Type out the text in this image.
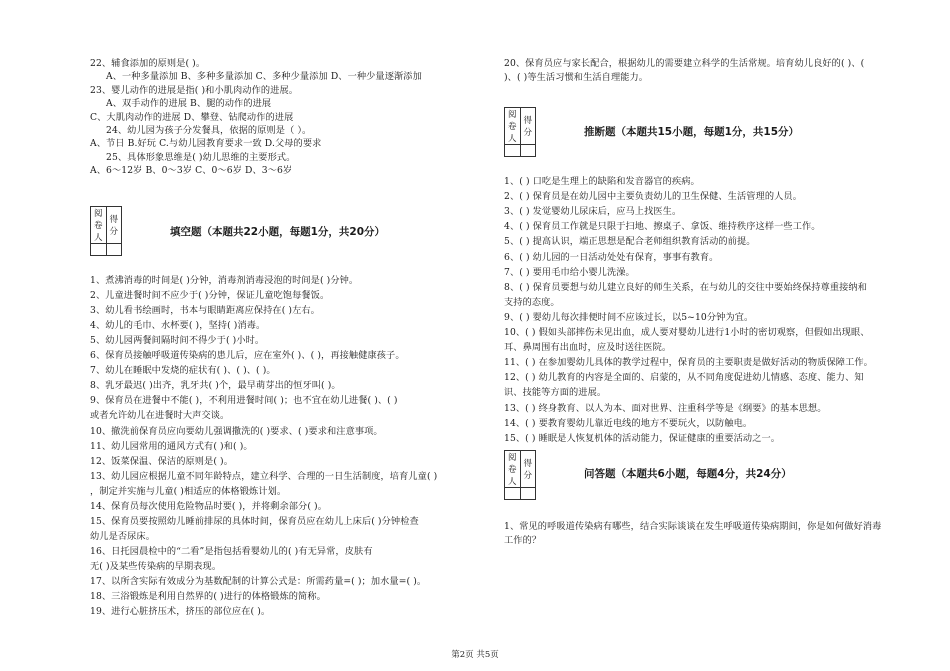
22、辅食添加的原则是( )。
A、一种多量添加 B、多种多量添加 C、多种少量添加 D、一种少量逐渐添加
23、婴儿动作的进展是指( )和小肌肉动作的进展。
A、双手动作的进展 B、腿的动作的进展
C、大肌肉动作的进展 D、攀登、钻爬动作的进展
24、幼儿园为孩子分发餐具，依据的原则是（ ）。
A、节日 B.好玩 C.与幼儿园教育要求一致 D.父母的要求
25、具体形象思维是( )幼儿思维的主要形式。
A、6～12岁 B、0～3岁 C、0～6岁 D、3～6岁
阅卷人	得分
		填空题（本题共22小题，每题1分，共20分）
1、煮沸消毒的时间是( )分钟，消毒剂消毒浸泡的时间是( )分钟。
2、儿童进餐时间不应少于( )分钟，保证儿童吃饱每餐饭。
3、幼儿看书绘画时，书本与眼睛距离应保持在( )左右。
4、幼儿的毛巾、水杯要( )，坚持( )消毒。
5、幼儿园两餐间隔时间不得少于( )小时。
6、保育员接触呼吸道传染病的患儿后，应在室外( )、( )，再接触健康孩子。
7、幼儿在睡眠中发烧的症状有( )、( )、( )。
8、乳牙最迟( )出齐，乳牙共( )个，最早萌芽出的恒牙叫( )。
9、保育员在进餐中不能( )，不利用进餐时间( )；也不宜在幼儿进餐( )、( )
或者允许幼儿在进餐时大声交谈。
10、撤洗前保育员应向要幼儿强调撒洗的( )要求、( )要求和注意事项。
11、幼儿园常用的通风方式有( )和( )。
12、饭菜保温、保洁的原则是( )。
13、幼儿园应根据儿童不同年龄特点，建立科学、合理的一日生活制度，培育儿童( )
，制定并实施与儿童( )相适应的体格锻炼计划。
14、保育员每次使用危险物品时要( )，并将剩余部分( )。
15、保育员要按照幼儿睡前排尿的具体时间，保育员应在幼儿上床后( )分钟检查
幼儿是否尿床。
16、日托园晨检中的“二看”是指包括看婴幼儿的( )有无异常，皮肤有
无( )及某些传染病的早期表现。
17、以所含实际有效成分为基数配制的计算公式是：所需药量=( )；加水量=( )。
18、三浴锻炼是利用自然界的( )进行的体格锻炼的简称。
19、进行心脏挤压术，挤压的部位应在( )。
20、保育员应与家长配合，根据幼儿的需要建立科学的生活常规。培育幼儿良好的( )、(
)、( )等生活习惯和生活自理能力。
阅卷人	得分
		推断题（本题共15小题，每题1分，共15分）
1、( ) 口吃是生理上的缺陷和发音器官的疾病。
2、( ) 保育员是在幼儿园中主要负责幼儿的卫生保健、生活管理的人员。
3、( ) 发觉婴幼儿尿床后，应马上找医生。
4、( ) 保育员工作就是只限于扫地、擦桌子、拿饭、维持秩序这样一些工作。
5、( ) 提高认识，端正思想是配合老师组织教育活动的前提。
6、( ) 幼儿园的一日活动处处有保育，事事有教育。
7、( ) 要用毛巾给小婴儿洗澡。
8、( ) 保育员要想与幼儿建立良好的师生关系，在与幼儿的交往中要始终保持尊重接纳和
支持的态度。
9、( ) 婴幼儿每次排便时间不应该过长，以5~10分钟为宜。
10、( ) 假如头部摔伤未见出血，成人要对婴幼儿进行1小时的密切观察，但假如出现眼、
耳、鼻周围有出血时，应及时送往医院。
11、( ) 在参加婴幼儿具体的教学过程中，保育员的主要职责是做好活动的物质保障工作。
12、( ) 幼儿教育的内容是全面的、启蒙的，从不同角度促进幼儿情感、态度、能力、知
识、技能等方面的进展。
13、( ) 终身教育、以人为本、面对世界、注重科学等是《纲要》的基本思想。
14、( ) 要教育婴幼儿靠近电线的地方不要玩火，以防触电。
15、( ) 睡眠是人恢复机体的活动能力，保证健康的重要活动之一。
阅卷人	得分
		问答题（本题共6小题，每题4分，共24分）
1、常见的呼吸道传染病有哪些，结合实际谈谈在发生呼吸道传染病期间，你是如何做好消毒
工作的？
第2页 共5页
